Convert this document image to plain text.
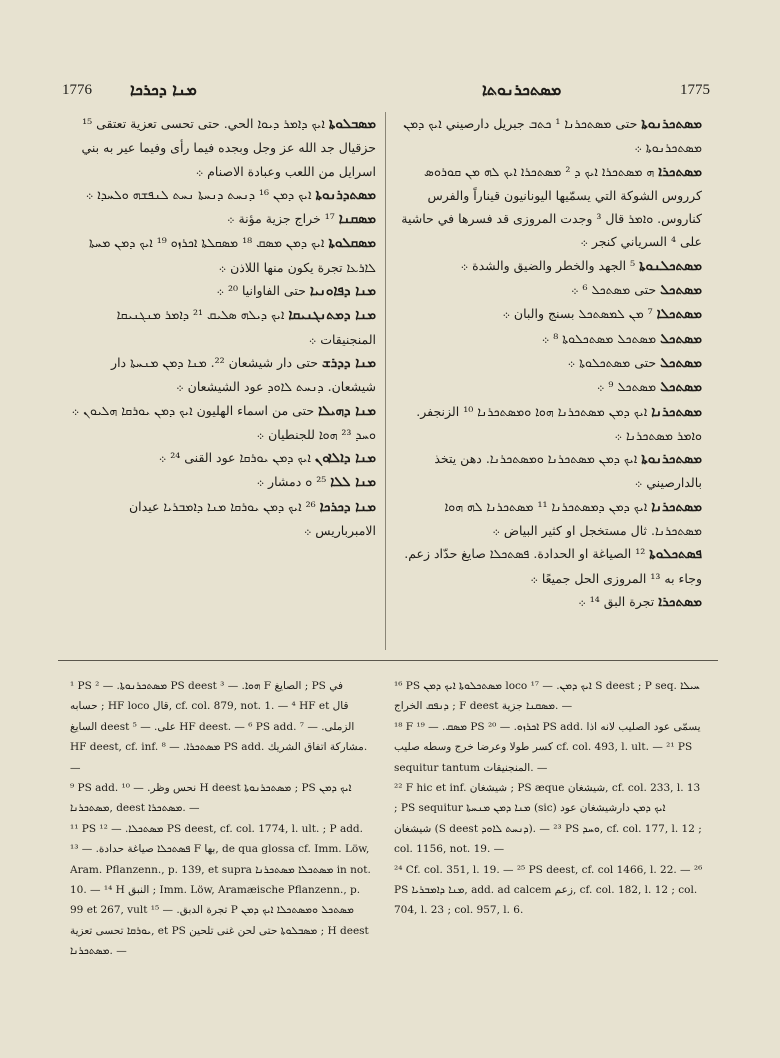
1776 ܡܢܐ ܕܟܪܟܐ	ܡܣܬܟܪܢܘܬܐ	1775

ܡܣܒܠܘܬܐ ܐܝܟ ܕܐܡܪ ܕܝܘܐ الحي. حتى تحسى تعزية تعتقى ¹⁵ حزقيال جد الله عز وجل وبجده فيما رأى وفيما عير به بني اسرايل من اللعب وعبادة الاصنام ܀

ܡܣܬܕܪܢܘܬܐ ܐܝܟ ܕܡܢ ¹⁶ ܕܢܚܬ ܕܢܚܬܐ ܢܚܬ ܠܢܦܫܗ ܘܠܚܕܐ ܀

ܡܣܩܢܐ ¹⁷ خراج جزية مؤنة ܀

ܡܣܩܠܘܬܐ ܐܝܟ ܕܡܢ ܡܣܩ ¹⁸ ܡܣܩܠܬܐ ܐܟܪܙܘ ¹⁹ ܐܝܟ ܕܡܢ ܡܚܬܐ ܠܐܪܥܐ تجرة يكون منها اللاذن ܀

ܡܢܐ ܕܦܐܘܢܝܐ حتى الفاوانيا ²⁰ ܀

ܡܢܐ ܕܡܬܢܓܢܝܩܐ ܐܝܟ ܕܝܠܗ ܣܠܝܩ ²¹ ܕܐܡܪ ܡܢܓܢܝܩܐ المنجنيقات ܀

ܡܢܐ ܕܕܪܫ حتى دار شيشعان ²². ܡܢܐ ܕܡܢ ܡܢܚܬܐ دار شيشعان. ܕܢܚܬ ܠܐܘܕ عود الشيشعان ܀

ܡܢܐ ܕܗܝܠܐ حتى من اسماء الهليون ܐܝܟ ܕܡܢ ܝܘܪܩܐ ܗܠܝܘܢ ܀ ܘܚܕ ²³ ܗܘܐ للجنطيان ܀

ܡܢܐ ܕܐܠܐܘܢ ܐܝܟ ܕܡܢ ܝܘܪܩܐ عود القنى ²⁴ ܀

ܡܢܐ ܠܠܐ ²⁵ ܘ دمشار ܀

ܡܢܐ ܕܟܪܟܐ ²⁶ ܐܝܟ ܕܡܢ ܝܘܪܩܐ ܡܢܐ ܕܐܡܒܪܝܐ عيدان الامبرباريس ܀

ܡܣܬܟܪܢܘܬܐ حتى ܡܣܬܟܪܢܐ ¹ ܟܬܒ جبريل دارصيني ܐܝܟ ܕܡܢ ܡܣܬܟܪܢܘܬܐ ܀

ܡܣܬܟܪܐ ܗ ܡܣܬܟܪܐ ܐܝܟ ܕ ² ܡܣܬܟܪܐ ܐܝܟ ܠܗ ܡܢ ܩܘܪܘܣ كرروس الشوكة التي يسمّيها اليونانيون قيناراً والفرس كناروس. ܘܐܡܪ قال ³ وجدت المروزى قد فسرها في حاشية على ⁴ السرياني كنجر ܀

ܡܣܬܟܠܢܘܬܐ ⁵ الجهد والخطر والضيق والشدة ܀

ܡܣܬܟܠ حتى ܡܣܬܟܠ ⁶ ܀

ܡܣܬܟܠܐ ⁷ ܡܢ ܠܡܣܬܟܠ بسنج والبان ܀

ܡܣܬܟܠ ܡܣܬܟܠ ܡܣܬܟܠܘܬܐ ⁸ ܀

ܡܣܬܟܠ حتى ܡܣܬܟܠܘܬܐ ܀

ܡܣܬܟܠ ܡܣܬܟܠ ⁹ ܀

ܡܣܬܟܪܢܐ ܐܝܟ ܕܡܢ ܡܣܬܟܪܢܐ ܗܘܐ ܘܡܣܬܟܪܢܐ ¹⁰ الزنجفر. ܘܐܡܪ ܡܣܬܟܪܢܐ ܀

ܡܣܬܟܪܢܘܬܐ ܐܝܟ ܕܡܢ ܡܣܬܟܪܢܐ ܘܡܣܬܟܪܢܐ. دهن يتخذ بالدارصيني ܀

ܡܣܬܟܪܢܐ ܐܝܟ ܕܡܢ ܕܡܣܬܟܪܢܐ ¹¹ ܡܣܬܟܪܢܐ ܠܗ ܗܘܐ ܡܣܬܟܪܢܐ. ثال مستخجل او كثير البياض ܀

ܦܣܬܟܠܘܬܐ ¹² الصياغة او الحدادة. ܦܣܬܟܠܐ صايغ حدّاد زعم. وجاء به ¹³ المروزى الحل جميعًا ܀

ܡܣܬܟܪܐ تجرة البق ¹⁴ ܀

¹ PS ܡܣܬܟܪܢܘܬܐ. — ² PS deest ܗܘܐ. — ³ F الصايغ ; PS في حسابه ; HF loco قال, cf. col. 879, not. 1. — ⁴ HF et قال السايغ deest على. — ⁵ HF deest. — ⁶ PS add. الزملى. — ⁷ HF deest, cf. inf. ܡܣܬܟܪܐ. — ⁸ PS add. مشاركة اتفاق الشريك. —

⁹ PS add. نحس وظر. — ¹⁰ H deest ܡܣܬܟܪܢܘܬܐ ; PS ܐܝܟ ܕܡܢ ܡܣܬܟܪܢܐ, deest ܡܣܬܟܪܐ. —

¹¹ PS ܡܣܬܟܠܐ. — ¹² PS deest, cf. col. 1774, l. ult. ; P add. ܦܣܬܟܠܐ صياغة حدادة. — ¹³ F بها, de qua glossa cf. Imm. Löw, Aram. Pflanzenn., p. 139, et supra ܡܣܬܟܠܐ ܡܣܬܟܪܢܐ in not. 10. — ¹⁴ H النبق ; Imm. Löw, Aramæische Pflanzenn., p. 99 et 267, vult تجرة الدبق. — ¹⁵ P ܡܣܬܟܠ ܘܡܣܬܟܠܐ ܐܝܟ ܕܡܢ ܝܘܪܩܐ تحسى تعزية, et PS ܡܣܒܠܘܬܐ حتى لحن غنى تلحين ; H deest ܡܣܬܟܪܢܐ. —

¹⁶ PS ܡܣܬܟܠܘܬܐ ܐܝܟ ܕܡܢ loco ܐܝܟ ܕܡܢ. — ¹⁷ S deest ; P seq. ܚܝܠܐ ܕܢܦܩ الخراج ; F deest ܡܣܩܢܐ جزية. —

¹⁸ F ܡܣܩ. — ¹⁹ PS ܐܟܪܙܘ. — ²⁰ PS add. يسمّى عود الصليب لانه اذا كسر طولا وعرضا خرج وسطه صليب cf. col. 493, l. ult. — ²¹ PS sequitur tantum المنجنيقات. —

²² F hic et inf. شيشغان ; PS æque شيشغان, cf. col. 233, l. 13 ; PS sequitur ܡܢܐ ܕܡܢ ܡܢܚܬܐ (sic) ܐܝܟ ܕܡܢ دارشيشغان عود شيشغان (S deest ܕܢܚܬ ܠܐܘܕ). — ²³ PS ܘܚܕ, cf. col. 177, l. 12 ; col. 1156, not. 19. —

²⁴ Cf. col. 351, l. 19. — ²⁵ PS deest, cf. col 1466, l. 22. — ²⁶ PS ܡܢܐ ܕܐܡܒܪܝܐ, add. ad calcem زعم, cf. col. 182, l. 12 ; col. 704, l. 23 ; col. 957, l. 6.
